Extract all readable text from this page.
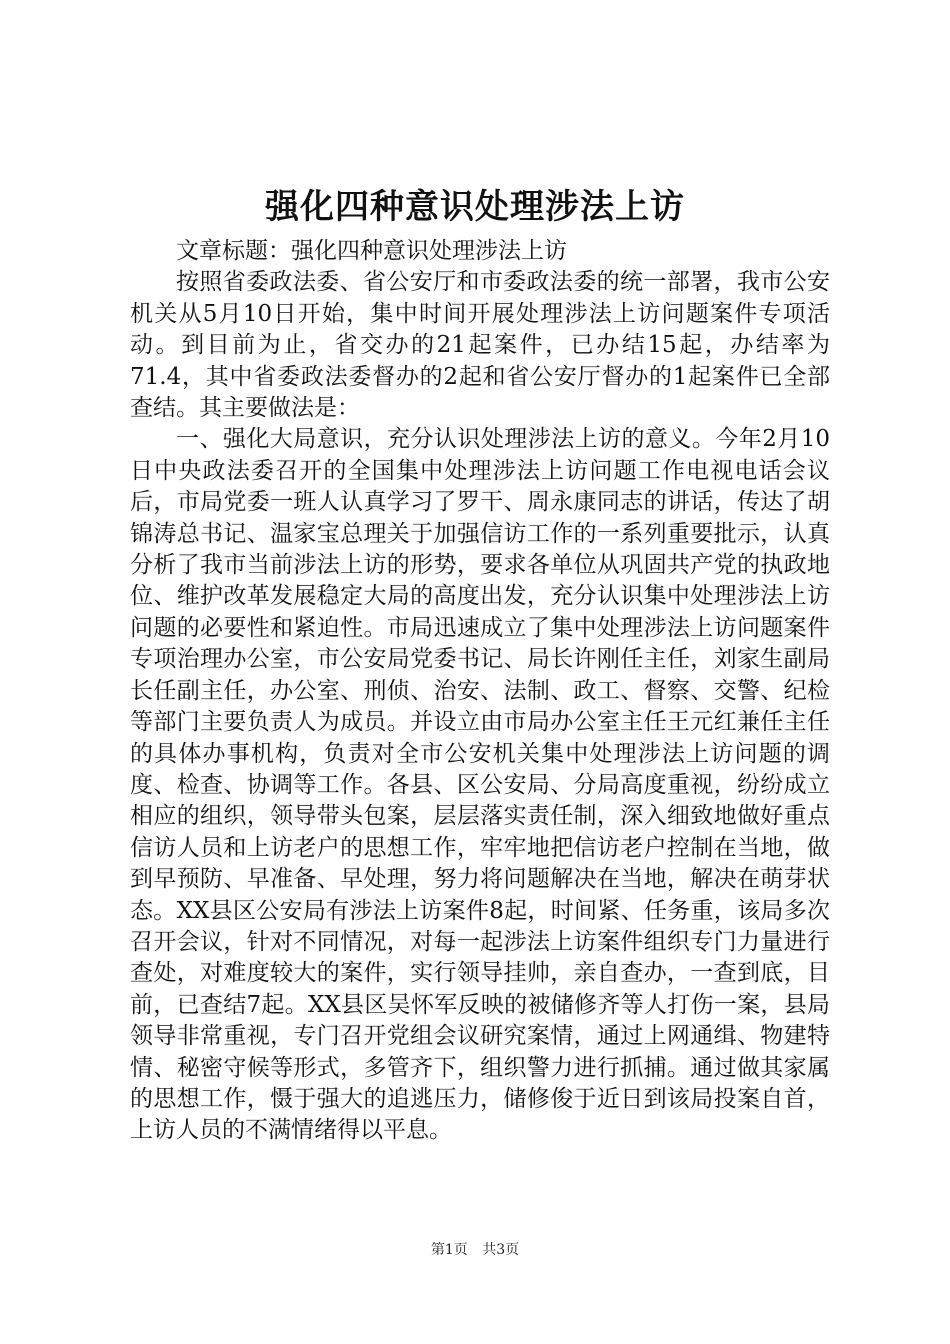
强化四种意识处理涉法上访

文章标题：强化四种意识处理涉法上访

按照省委政法委、省公安厅和市委政法委的统一部署，我市公安机关从5月10日开始，集中时间开展处理涉法上访问题案件专项活动。到目前为止，省交办的21起案件，已办结15起，办结率为71.4，其中省委政法委督办的2起和省公安厅督办的1起案件已全部查结。其主要做法是：

一、强化大局意识，充分认识处理涉法上访的意义。今年2月10日中央政法委召开的全国集中处理涉法上访问题工作电视电话会议后，市局党委一班人认真学习了罗干、周永康同志的讲话，传达了胡锦涛总书记、温家宝总理关于加强信访工作的一系列重要批示，认真分析了我市当前涉法上访的形势，要求各单位从巩固共产党的执政地位、维护改革发展稳定大局的高度出发，充分认识集中处理涉法上访问题的必要性和紧迫性。市局迅速成立了集中处理涉法上访问题案件专项治理办公室，市公安局党委书记、局长许刚任主任，刘家生副局长任副主任，办公室、刑侦、治安、法制、政工、督察、交警、纪检等部门主要负责人为成员。并设立由市局办公室主任王元红兼任主任的具体办事机构，负责对全市公安机关集中处理涉法上访问题的调度、检查、协调等工作。各县、区公安局、分局高度重视，纷纷成立相应的组织，领导带头包案，层层落实责任制，深入细致地做好重点信访人员和上访老户的思想工作，牢牢地把信访老户控制在当地，做到早预防、早准备、早处理，努力将问题解决在当地，解决在萌芽状态。XX县区公安局有涉法上访案件8起，时间紧、任务重，该局多次召开会议，针对不同情况，对每一起涉法上访案件组织专门力量进行查处，对难度较大的案件，实行领导挂帅，亲自查办，一查到底，目前，已查结7起。XX县区吴怀军反映的被储修齐等人打伤一案，县局领导非常重视，专门召开党组会议研究案情，通过上网通缉、物建特情、秘密守候等形式，多管齐下，组织警力进行抓捕。通过做其家属的思想工作，慑于强大的追逃压力，储修俊于近日到该局投案自首，上访人员的不满情绪得以平息。

第1页 共3页
